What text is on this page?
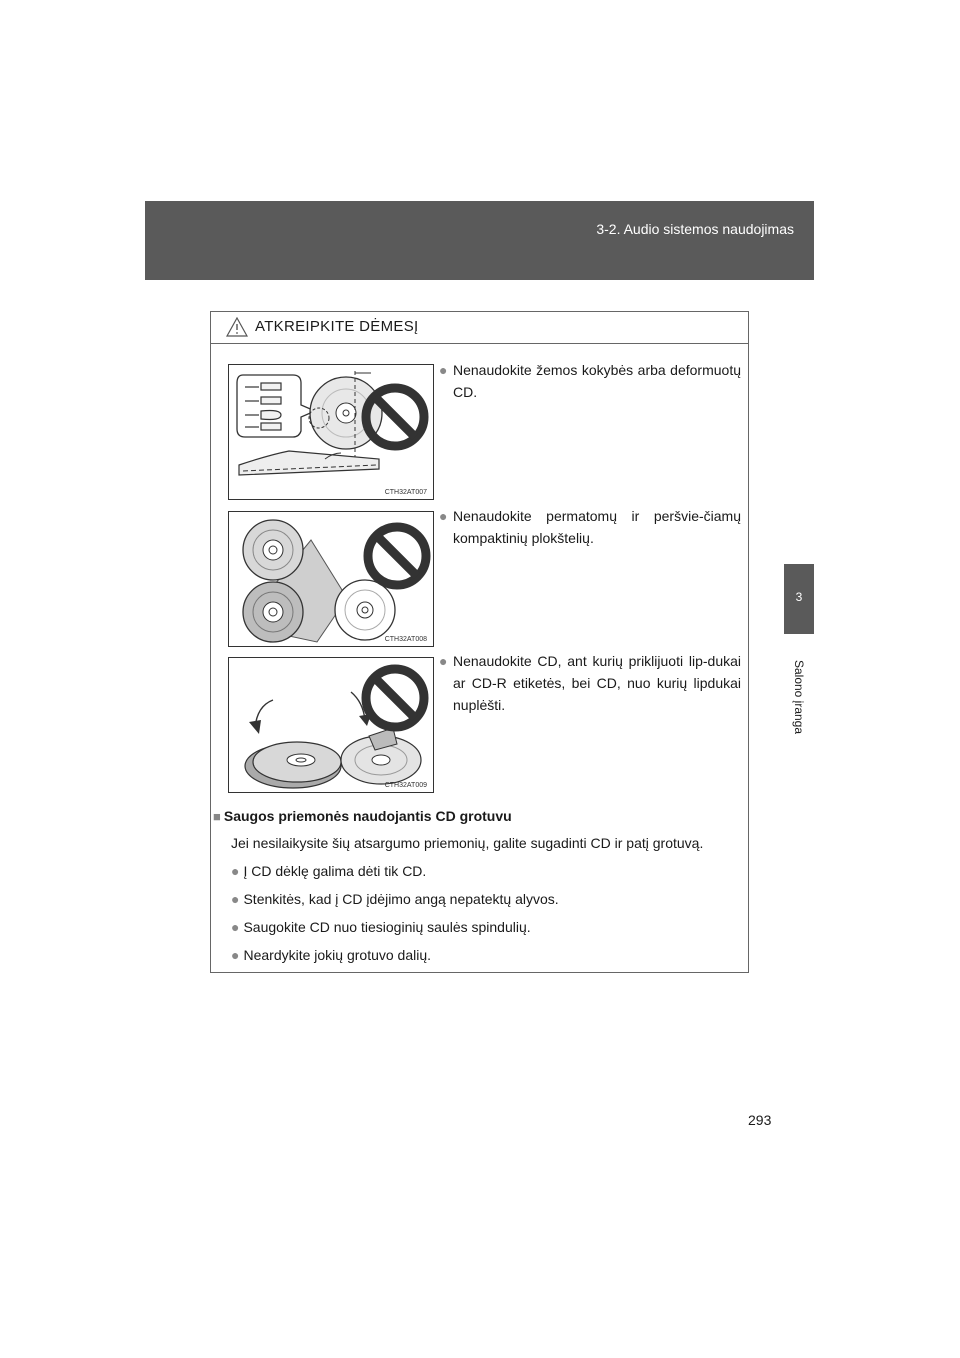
3-2. Audio sistemos naudojimas
3
Salono įranga
ATKREIPKITE DĖMESĮ
CTH32AT007
● Nenaudokite žemos kokybės arba deformuotų CD.
CTH32AT008
● Nenaudokite permatomų ir peršvie-čiamų kompaktinių plokštelių.
CTH32AT009
● Nenaudokite CD, ant kurių priklijuoti lip-dukai ar CD-R etiketės, bei CD, nuo kurių lipdukai nuplėšti.
■ Saugos priemonės naudojantis CD grotuvu
Jei nesilaikysite šių atsargumo priemonių, galite sugadinti CD ir patį grotuvą.
● Į CD dėklę galima dėti tik CD.
● Stenkitės, kad į CD įdėjimo angą nepatektų alyvos.
● Saugokite CD nuo tiesioginių saulės spindulių.
● Neardykite jokių grotuvo dalių.
293
